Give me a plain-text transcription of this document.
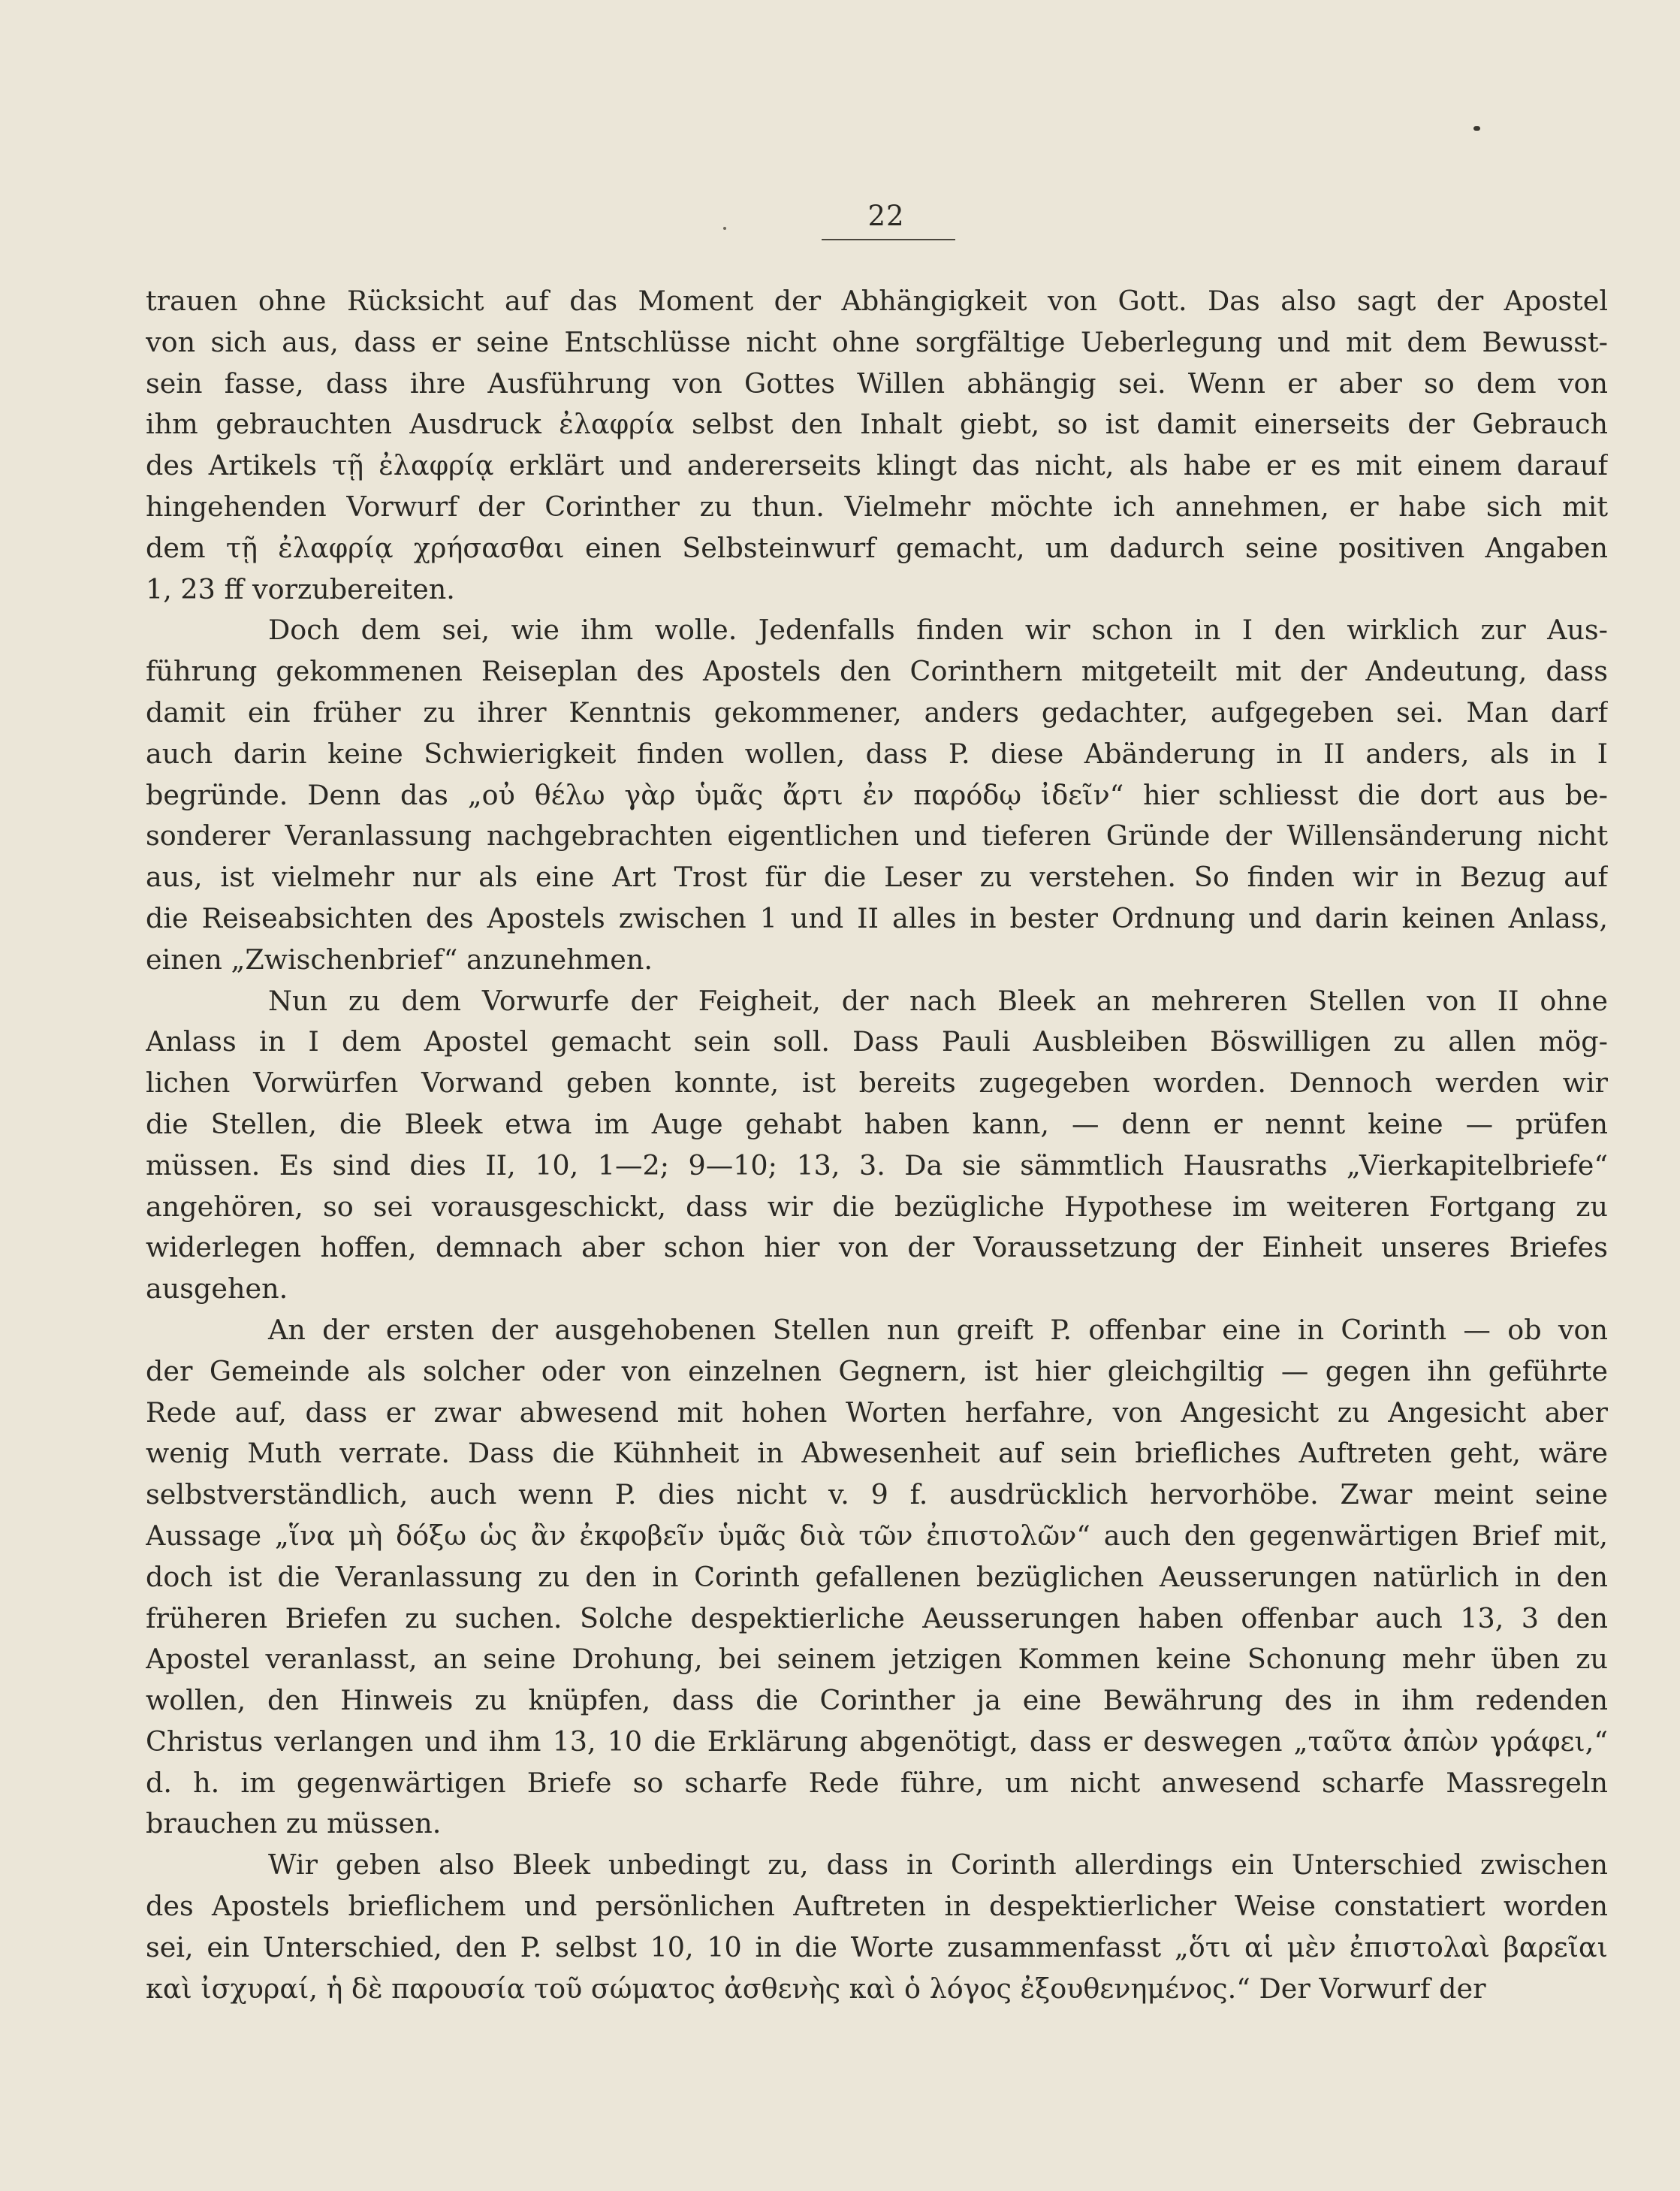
22
trauen ohne Rücksicht auf das Moment der Abhängigkeit von Gott. Das also sagt der Apostel
von sich aus, dass er seine Entschlüsse nicht ohne sorgfältige Ueberlegung und mit dem Bewusst-
sein fasse, dass ihre Ausführung von Gottes Willen abhängig sei. Wenn er aber so dem von
ihm gebrauchten Ausdruck ἐλαφρία selbst den Inhalt giebt, so ist damit einerseits der Gebrauch
des Artikels τῇ ἐλαφρίᾳ erklärt und andererseits klingt das nicht, als habe er es mit einem darauf
hingehenden Vorwurf der Corinther zu thun. Vielmehr möchte ich annehmen, er habe sich mit
dem τῇ ἐλαφρίᾳ χρήσασθαι einen Selbsteinwurf gemacht, um dadurch seine positiven Angaben
1, 23 ff vorzubereiten.
Doch dem sei, wie ihm wolle. Jedenfalls finden wir schon in I den wirklich zur Aus-
führung gekommenen Reiseplan des Apostels den Corinthern mitgeteilt mit der Andeutung, dass
damit ein früher zu ihrer Kenntnis gekommener, anders gedachter, aufgegeben sei. Man darf
auch darin keine Schwierigkeit finden wollen, dass P. diese Abänderung in II anders, als in I
begründe. Denn das „οὐ θέλω γὰρ ὑμᾶς ἄρτι ἐν παρόδῳ ἰδεῖν“ hier schliesst die dort aus be-
sonderer Veranlassung nachgebrachten eigentlichen und tieferen Gründe der Willensänderung nicht
aus, ist vielmehr nur als eine Art Trost für die Leser zu verstehen. So finden wir in Bezug auf
die Reiseabsichten des Apostels zwischen 1 und II alles in bester Ordnung und darin keinen Anlass,
einen „Zwischenbrief“ anzunehmen.
Nun zu dem Vorwurfe der Feigheit, der nach Bleek an mehreren Stellen von II ohne
Anlass in I dem Apostel gemacht sein soll. Dass Pauli Ausbleiben Böswilligen zu allen mög-
lichen Vorwürfen Vorwand geben konnte, ist bereits zugegeben worden. Dennoch werden wir
die Stellen, die Bleek etwa im Auge gehabt haben kann, — denn er nennt keine — prüfen
müssen. Es sind dies II, 10, 1—2; 9—10; 13, 3. Da sie sämmtlich Hausraths „Vierkapitelbriefe“
angehören, so sei vorausgeschickt, dass wir die bezügliche Hypothese im weiteren Fortgang zu
widerlegen hoffen, demnach aber schon hier von der Voraussetzung der Einheit unseres Briefes
ausgehen.
An der ersten der ausgehobenen Stellen nun greift P. offenbar eine in Corinth — ob von
der Gemeinde als solcher oder von einzelnen Gegnern, ist hier gleichgiltig — gegen ihn geführte
Rede auf, dass er zwar abwesend mit hohen Worten herfahre, von Angesicht zu Angesicht aber
wenig Muth verrate. Dass die Kühnheit in Abwesenheit auf sein briefliches Auftreten geht, wäre
selbstverständlich, auch wenn P. dies nicht v. 9 f. ausdrücklich hervorhöbe. Zwar meint seine
Aussage „ἵνα μὴ δόξω ὡς ἂν ἐκφοβεῖν ὑμᾶς διὰ τῶν ἐπιστολῶν“ auch den gegenwärtigen Brief mit,
doch ist die Veranlassung zu den in Corinth gefallenen bezüglichen Aeusserungen natürlich in den
früheren Briefen zu suchen. Solche despektierliche Aeusserungen haben offenbar auch 13, 3 den
Apostel veranlasst, an seine Drohung, bei seinem jetzigen Kommen keine Schonung mehr üben zu
wollen, den Hinweis zu knüpfen, dass die Corinther ja eine Bewährung des in ihm redenden
Christus verlangen und ihm 13, 10 die Erklärung abgenötigt, dass er deswegen „ταῦτα ἀπὼν γράφει,“
d. h. im gegenwärtigen Briefe so scharfe Rede führe, um nicht anwesend scharfe Massregeln
brauchen zu müssen.
Wir geben also Bleek unbedingt zu, dass in Corinth allerdings ein Unterschied zwischen
des Apostels brieflichem und persönlichen Auftreten in despektierlicher Weise constatiert worden
sei, ein Unterschied, den P. selbst 10, 10 in die Worte zusammenfasst „ὅτι αἱ μὲν ἐπιστολαὶ βαρεῖαι
καὶ ἰσχυραί, ἡ δὲ παρουσία τοῦ σώματος ἀσθενὴς καὶ ὁ λόγος ἐξουθενημένος.“ Der Vorwurf der
